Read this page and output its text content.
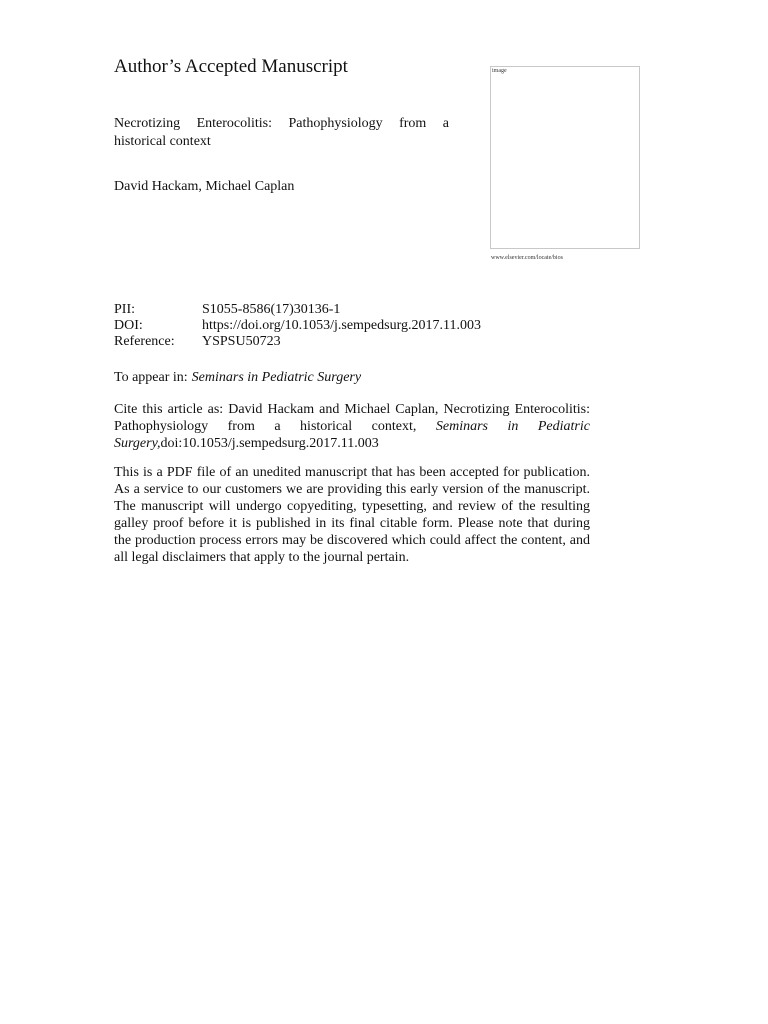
Author’s Accepted Manuscript
Necrotizing Enterocolitis: Pathophysiology from a historical context
David Hackam, Michael Caplan
image
www.elsevier.com/locate/bios
PII:	S1055-8586(17)30136-1
DOI:	https://doi.org/10.1053/j.sempedsurg.2017.11.003
Reference:	YSPSU50723
To appear in: Seminars in Pediatric Surgery
Cite this article as: David Hackam and Michael Caplan, Necrotizing Enterocolitis: Pathophysiology from a historical context, Seminars in Pediatric Surgery,doi:10.1053/j.sempedsurg.2017.11.003
This is a PDF file of an unedited manuscript that has been accepted for publication. As a service to our customers we are providing this early version of the manuscript. The manuscript will undergo copyediting, typesetting, and review of the resulting galley proof before it is published in its final citable form. Please note that during the production process errors may be discovered which could affect the content, and all legal disclaimers that apply to the journal pertain.
